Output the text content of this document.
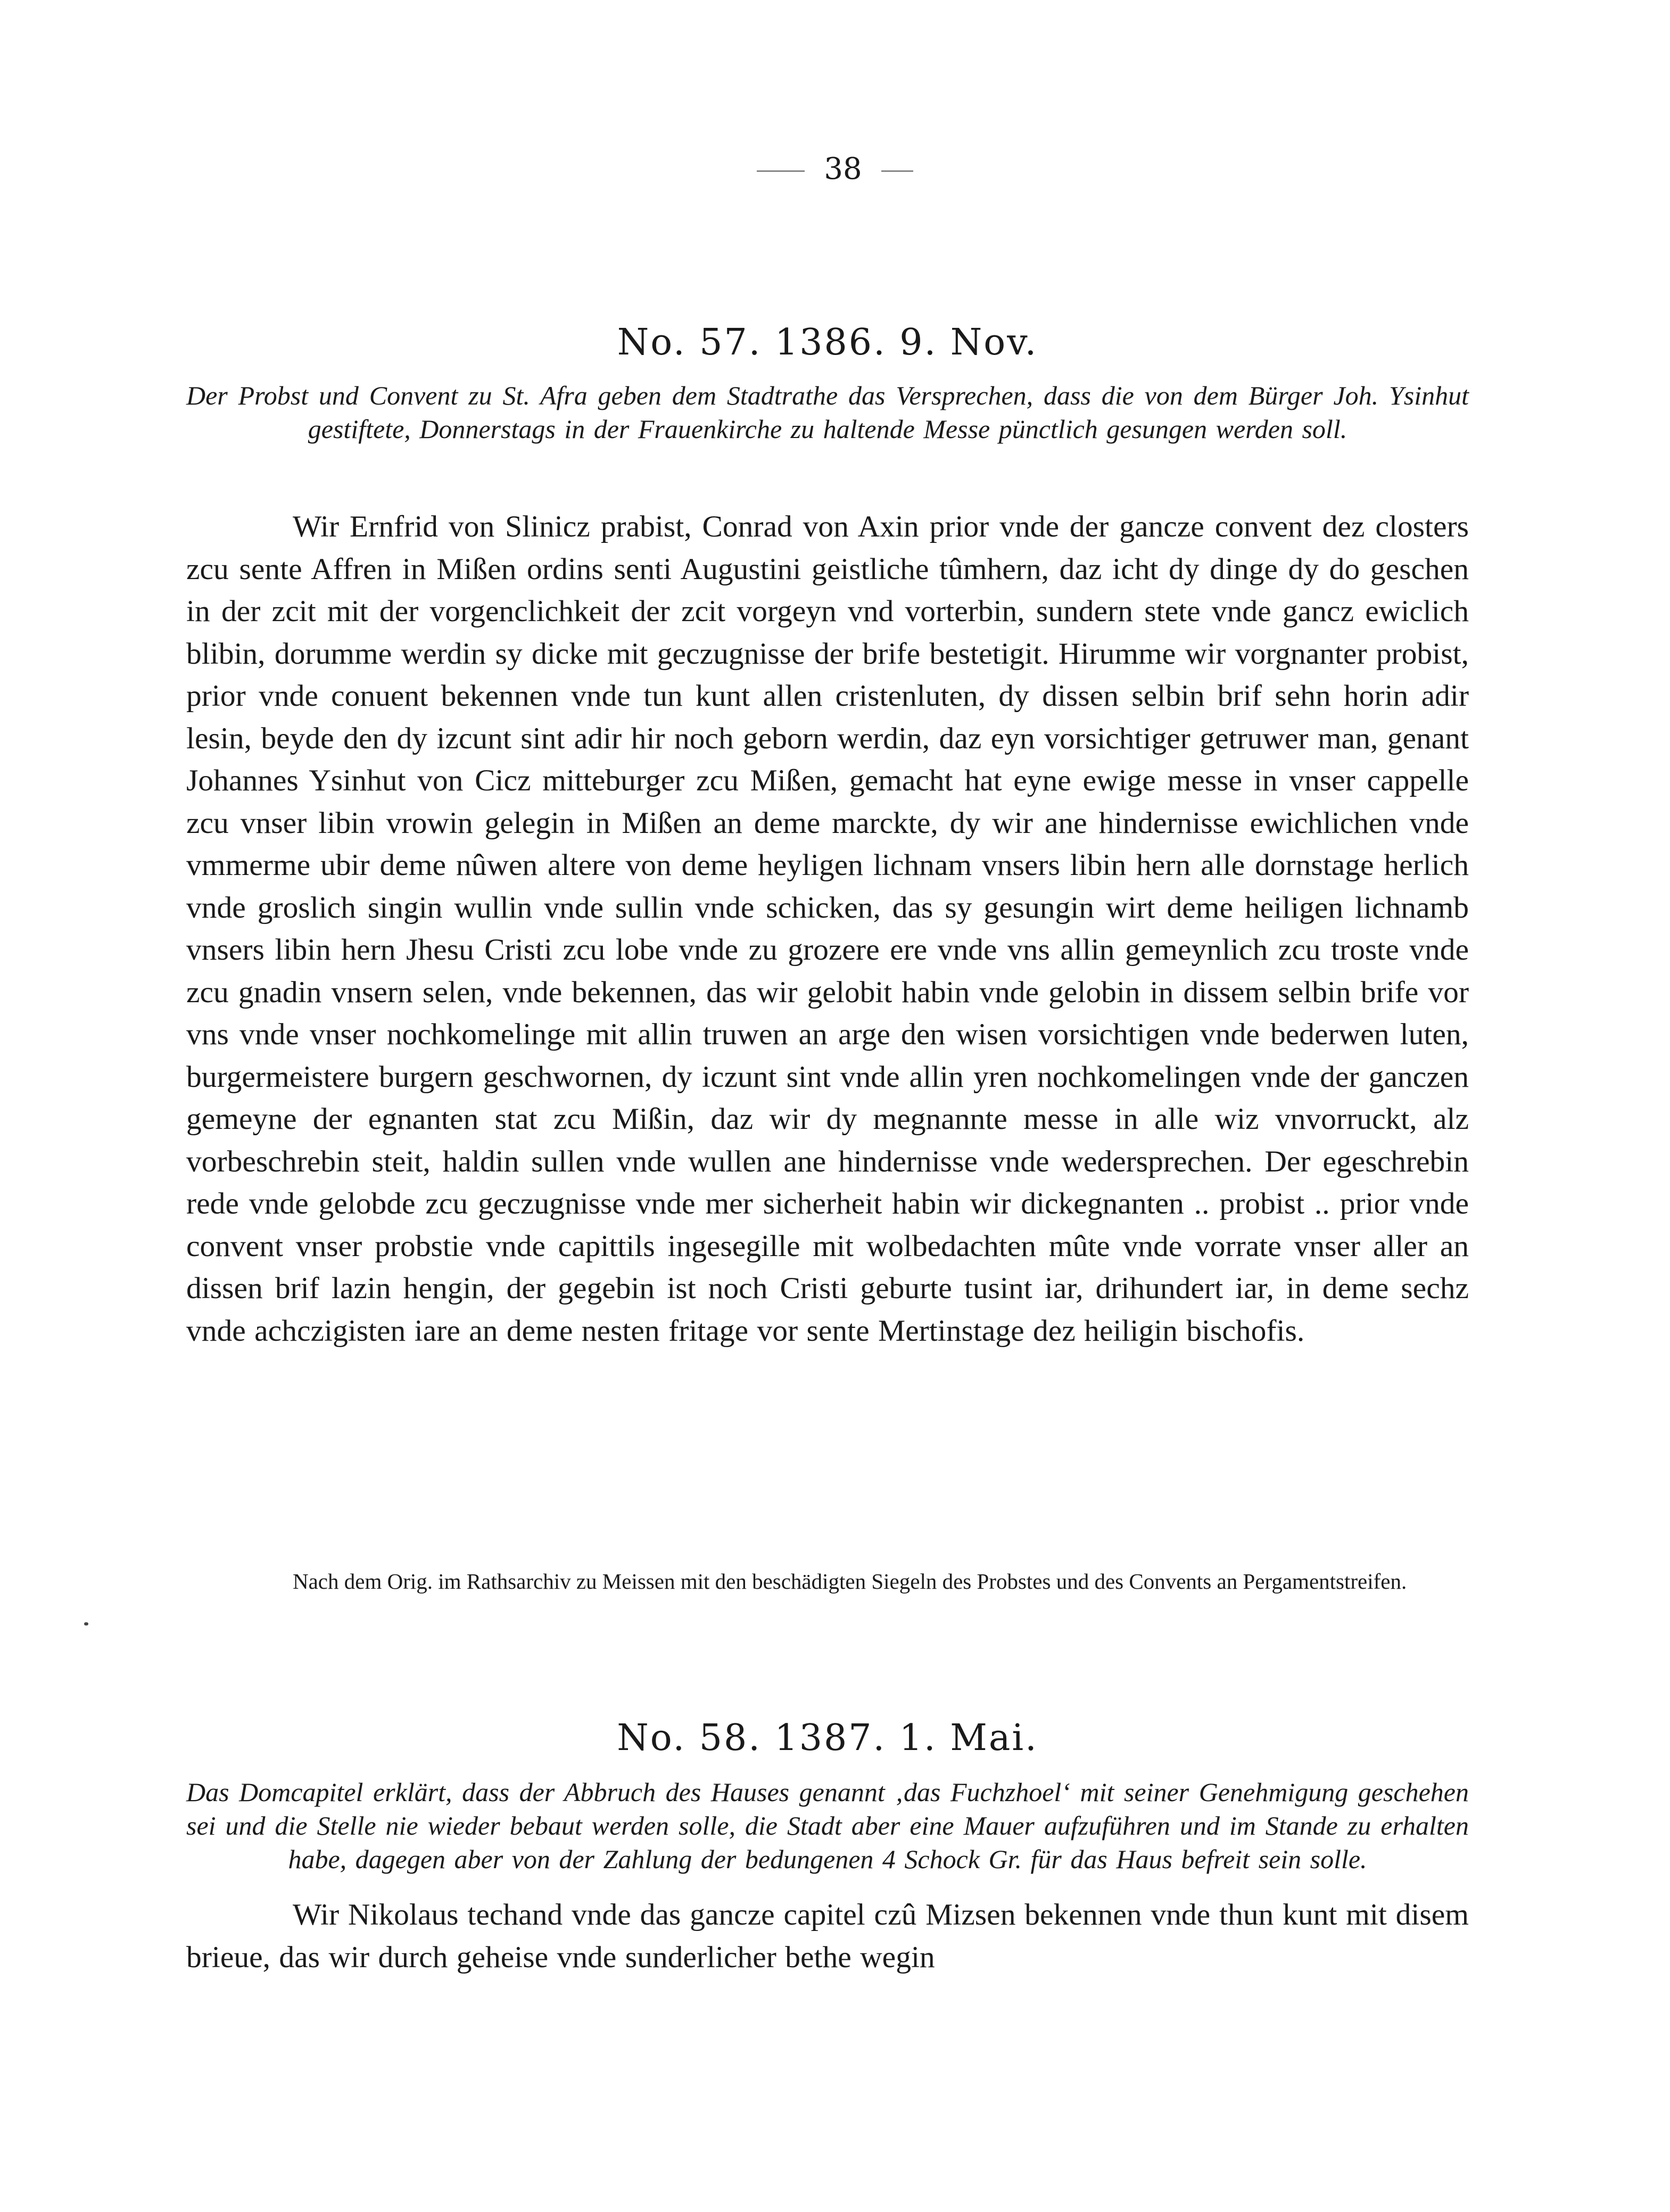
38
No. 57. 1386. 9. Nov.

Der Probst und Convent zu St. Afra geben dem Stadtrathe das Versprechen, dass die von dem Bürger Joh. Ysinhut gestiftete, Donnerstags in der Frauenkirche zu haltende Messe pünctlich gesungen werden soll.

Wir Ernfrid von Slinicz prabist, Conrad von Axin prior vnde der gancze convent dez closters zcu sente Affren in Mißen ordins senti Augustini geistliche tûmhern, daz icht dy dinge dy do geschen in der zcit mit der vorgenclichkeit der zcit vorgeyn vnd vorterbin, sundern stete vnde gancz ewiclich blibin, dorumme werdin sy dicke mit geczugnisse der brife bestetigit. Hirumme wir vorgnanter probist, prior vnde conuent bekennen vnde tun kunt allen cristenluten, dy dissen selbin brif sehn horin adir lesin, beyde den dy izcunt sint adir hir noch geborn werdin, daz eyn vorsichtiger getruwer man, genant Johannes Ysinhut von Cicz mitteburger zcu Mißen, gemacht hat eyne ewige messe in vnser cappelle zcu vnser libin vrowin gelegin in Mißen an deme marckte, dy wir ane hindernisse ewichlichen vnde vmmerme ubir deme nûwen altere von deme heyligen lichnam vnsers libin hern alle dornstage herlich vnde groslich singin wullin vnde sullin vnde schicken, das sy gesungin wirt deme heiligen lichnamb vnsers libin hern Jhesu Cristi zcu lobe vnde zu grozere ere vnde vns allin gemeynlich zcu troste vnde zcu gnadin vnsern selen, vnde bekennen, das wir gelobit habin vnde gelobin in dissem selbin brife vor vns vnde vnser nochkomelinge mit allin truwen an arge den wisen vorsichtigen vnde bederwen luten, burgermeistere burgern geschwornen, dy iczunt sint vnde allin yren nochkomelingen vnde der ganczen gemeyne der egnanten stat zcu Mißin, daz wir dy megnannte messe in alle wiz vnvorruckt, alz vorbeschrebin steit, haldin sullen vnde wullen ane hindernisse vnde wedersprechen. Der egeschrebin rede vnde gelobde zcu geczugnisse vnde mer sicherheit habin wir dickegnanten .. probist .. prior vnde convent vnser probstie vnde capittils ingesegille mit wolbedachten mûte vnde vorrate vnser aller an dissen brif lazin hengin, der gegebin ist noch Cristi geburte tusint iar, drihundert iar, in deme sechz vnde achczigisten iare an deme nesten fritage vor sente Mertinstage dez heiligin bischofis.

Nach dem Orig. im Rathsarchiv zu Meissen mit den beschädigten Siegeln des Probstes und des Convents an Pergamentstreifen.

No. 58. 1387. 1. Mai.

Das Domcapitel erklärt, dass der Abbruch des Hauses genannt ‚das Fuchzhoel‘ mit seiner Genehmigung geschehen sei und die Stelle nie wieder bebaut werden solle, die Stadt aber eine Mauer aufzuführen und im Stande zu erhalten habe, dagegen aber von der Zahlung der bedungenen 4 Schock Gr. für das Haus befreit sein solle.

Wir Nikolaus techand vnde das gancze capitel czû Mizsen bekennen vnde thun kunt mit disem brieue, das wir durch geheise vnde sunderlicher bethe wegin
